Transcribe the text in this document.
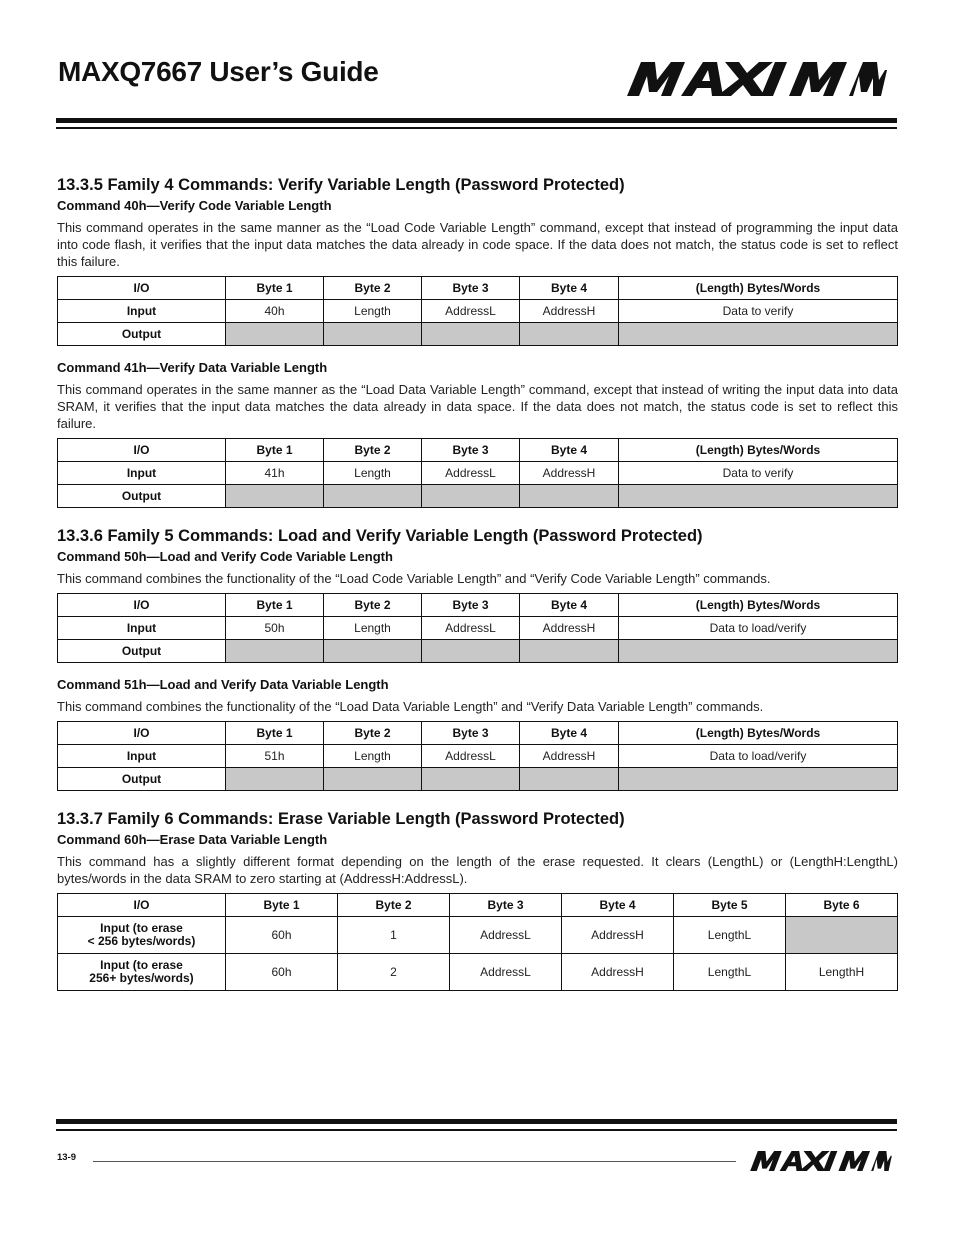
MAXQ7667 User’s Guide
13.3.5 Family 4 Commands: Verify Variable Length (Password Protected)
Command 40h—Verify Code Variable Length

This command operates in the same manner as the “Load Code Variable Length” command, except that instead of programming the input data into code flash, it verifies that the input data matches the data already in code space. If the data does not match, the status code is set to reflect this failure.

I/O	Byte 1	Byte 2	Byte 3	Byte 4	(Length) Bytes/Words
Input	40h	Length	AddressL	AddressH	Data to verify
Output					
Command 41h—Verify Data Variable Length

This command operates in the same manner as the “Load Data Variable Length” command, except that instead of writing the input data into data SRAM, it verifies that the input data matches the data already in data space. If the data does not match, the status code is set to reflect this failure.

I/O	Byte 1	Byte 2	Byte 3	Byte 4	(Length) Bytes/Words
Input	41h	Length	AddressL	AddressH	Data to verify
Output					
13.3.6 Family 5 Commands: Load and Verify Variable Length (Password Protected)
Command 50h—Load and Verify Code Variable Length

This command combines the functionality of the “Load Code Variable Length” and “Verify Code Variable Length” commands.

I/O	Byte 1	Byte 2	Byte 3	Byte 4	(Length) Bytes/Words
Input	50h	Length	AddressL	AddressH	Data to load/verify
Output					
Command 51h—Load and Verify Data Variable Length

This command combines the functionality of the “Load Data Variable Length” and “Verify Data Variable Length” commands.

I/O	Byte 1	Byte 2	Byte 3	Byte 4	(Length) Bytes/Words
Input	51h	Length	AddressL	AddressH	Data to load/verify
Output					
13.3.7 Family 6 Commands: Erase Variable Length (Password Protected)
Command 60h—Erase Data Variable Length

This command has a slightly different format depending on the length of the erase requested. It clears (LengthL) or (LengthH:LengthL) bytes/words in the data SRAM to zero starting at (AddressH:AddressL).

I/O	Byte 1	Byte 2	Byte 3	Byte 4	Byte 5	Byte 6

Input (to erase
< 256 bytes/words)	60h	1	AddressL	AddressH	LengthL	

Input (to erase
256+ bytes/words)	60h	2	AddressL	AddressH	LengthL	LengthH
13-9
